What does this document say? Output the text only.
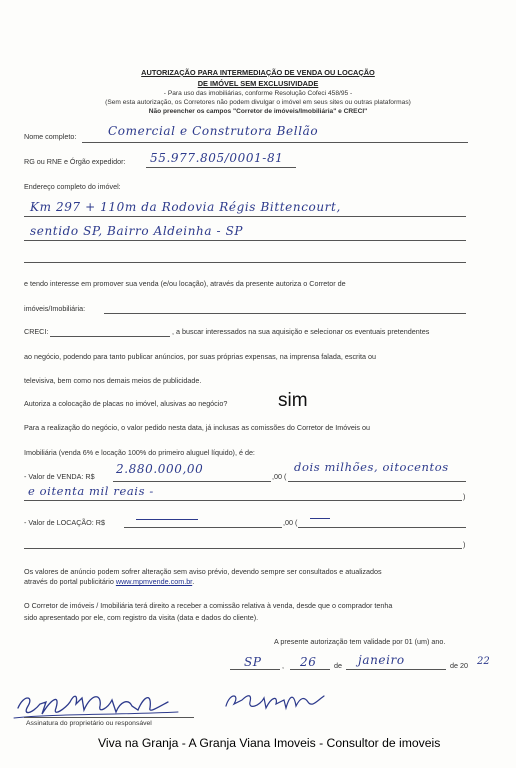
AUTORIZAÇÃO PARA INTERMEDIAÇÃO DE VENDA OU LOCAÇÃO
DE IMÓVEL SEM EXCLUSIVIDADE
- Para uso das imobiliárias, conforme Resolução Cofeci 458/95 -
(Sem esta autorização, os Corretores não podem divulgar o imóvel em seus sites ou outras plataformas)
Não preencher os campos "Corretor de imóveis/Imobiliária" e CRECI"
Nome completo:	Comercial e Construtora Bellão
RG ou RNE e Órgão expedidor: 55.977.805/0001-81
Endereço completo do imóvel:
Km 297 + 110m da Rodovia Régis Bittencourt,
sentido SP, Bairro Aldeinha - SP
e tendo interesse em promover sua venda (e/ou locação), através da presente autoriza o Corretor de
imóveis/Imobiliária:
CRECI:	, a buscar interessados na sua aquisição e selecionar os eventuais pretendentes
ao negócio, podendo para tanto publicar anúncios, por suas próprias expensas, na imprensa falada, escrita ou
televisiva, bem como nos demais meios de publicidade.
Autoriza a colocação de placas no imóvel, alusivas ao negócio?	sim
Para a realização do negócio, o valor pedido nesta data, já inclusas as comissões do Corretor de Imóveis ou
Imobiliária (venda 6% e locação 100% do primeiro aluguel líquido), é de:
- Valor de VENDA: R$
2.880.000,00
,00 (
dois milhões, oitocentos
e oitenta mil reais -	)
- Valor de LOCAÇÃO: R$	,00 (
)
Os valores de anúncio podem sofrer alteração sem aviso prévio, devendo sempre ser consultados e atualizados
através do portal publicitário www.mpmvende.com.br.
O Corretor de imóveis / Imobiliária terá direito a receber a comissão relativa à venda, desde que o comprador tenha
sido apresentado por ele, com registro da visita (data e dados do cliente).
A presente autorização tem validade por 01 (um) ano.
SP	, 26 de janeiro	de 20 22
Assinatura do proprietário ou responsável
Viva na Granja - A Granja Viana Imoveis - Consultor de imoveis
